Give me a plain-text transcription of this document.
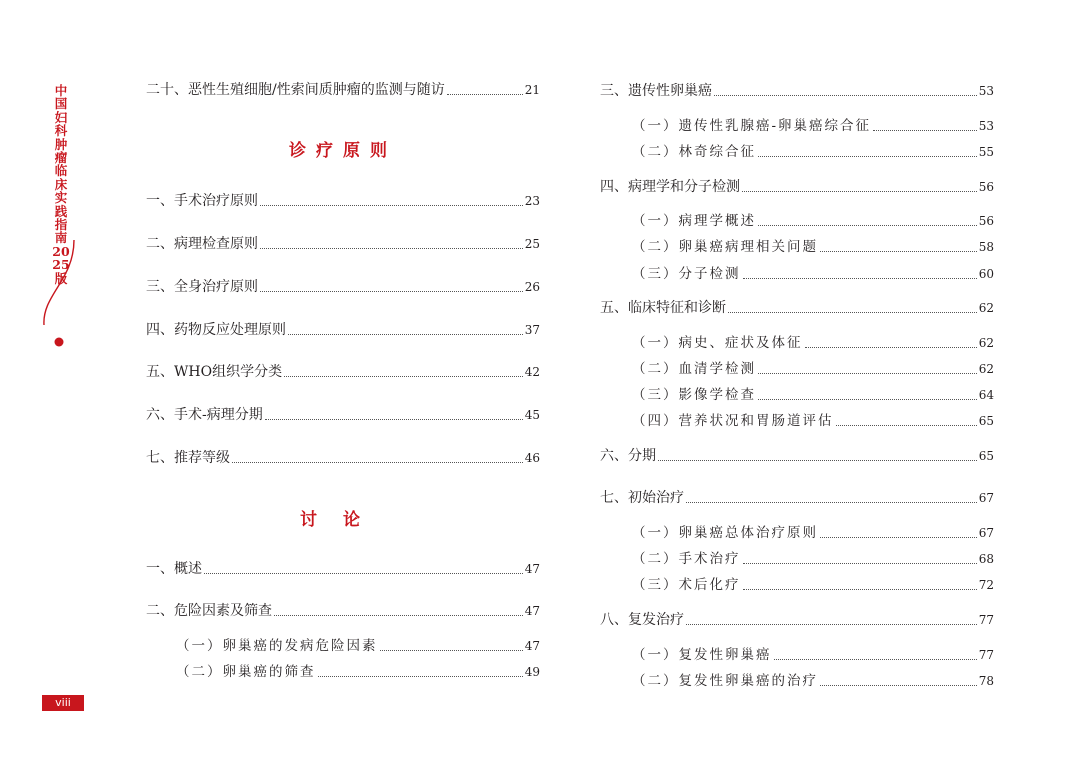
中国妇科肿瘤临床实践指南2025版
viii
二十、恶性生殖细胞/性索间质肿瘤的监测与随访	21
诊疗原则
一、手术治疗原则	23
二、病理检查原则	25
三、全身治疗原则	26
四、药物反应处理原则	37
五、WHO组织学分类	42
六、手术-病理分期	45
七、推荐等级	46
讨论
一、概述	47
二、危险因素及筛查	47
（一）卵巢癌的发病危险因素	47
（二）卵巢癌的筛查	49
三、遗传性卵巢癌	53
（一）遗传性乳腺癌-卵巢癌综合征	53
（二）林奇综合征	55
四、病理学和分子检测	56
（一）病理学概述	56
（二）卵巢癌病理相关问题	58
（三）分子检测	60
五、临床特征和诊断	62
（一）病史、症状及体征	62
（二）血清学检测	62
（三）影像学检查	64
（四）营养状况和胃肠道评估	65
六、分期	65
七、初始治疗	67
（一）卵巢癌总体治疗原则	67
（二）手术治疗	68
（三）术后化疗	72
八、复发治疗	77
（一）复发性卵巢癌	77
（二）复发性卵巢癌的治疗	78
